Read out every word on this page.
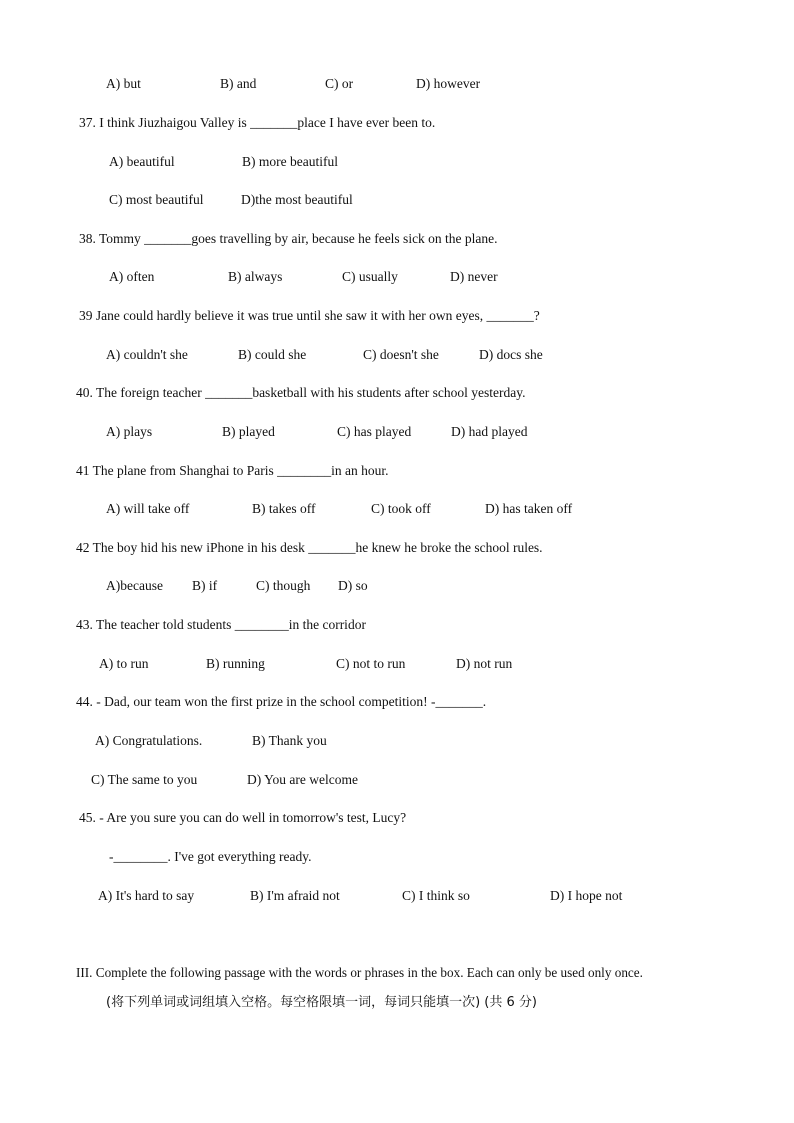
A) but	B) and	C) or	D) however
37. I think Jiuzhaigou Valley is _______place I have ever been to.
A) beautiful	B) more beautiful
C) most beautiful	D)the most beautiful
38. Tommy _______goes travelling by air, because he feels sick on the plane.
A) often	B) always	C) usually	D) never
39 Jane could hardly believe it was true until she saw it with her own eyes, _______?
A) couldn't she	B) could she	C) doesn't she	D) docs she
40. The foreign teacher _______basketball with his students after school yesterday.
A) plays	B) played	C) has played	D) had played
41 The plane from Shanghai to Paris ________in an hour.
A) will take off	B) takes off	C) took off	D) has taken off
42 The boy hid his new iPhone in his desk _______he knew he broke the school rules.
A)because B) if	C) though D) so
43. The teacher told students ________in the corridor
A) to run	B) running	C) not to run	D) not run
44. - Dad, our team won the first prize in the school competition! -_______.
A) Congratulations.	B) Thank you
C) The same to you	D) You are welcome
45. - Are you sure you can do well in tomorrow's test, Lucy?
-________. I've got everything ready.
A) It's hard to say	B) I'm afraid not	C) I think so	D) I hope not
III. Complete the following passage with the words or phrases in the box. Each can only be used only once.
(将下列单词或词组填入空格。每空格限填一词，每词只能填一次) (共 6 分)
